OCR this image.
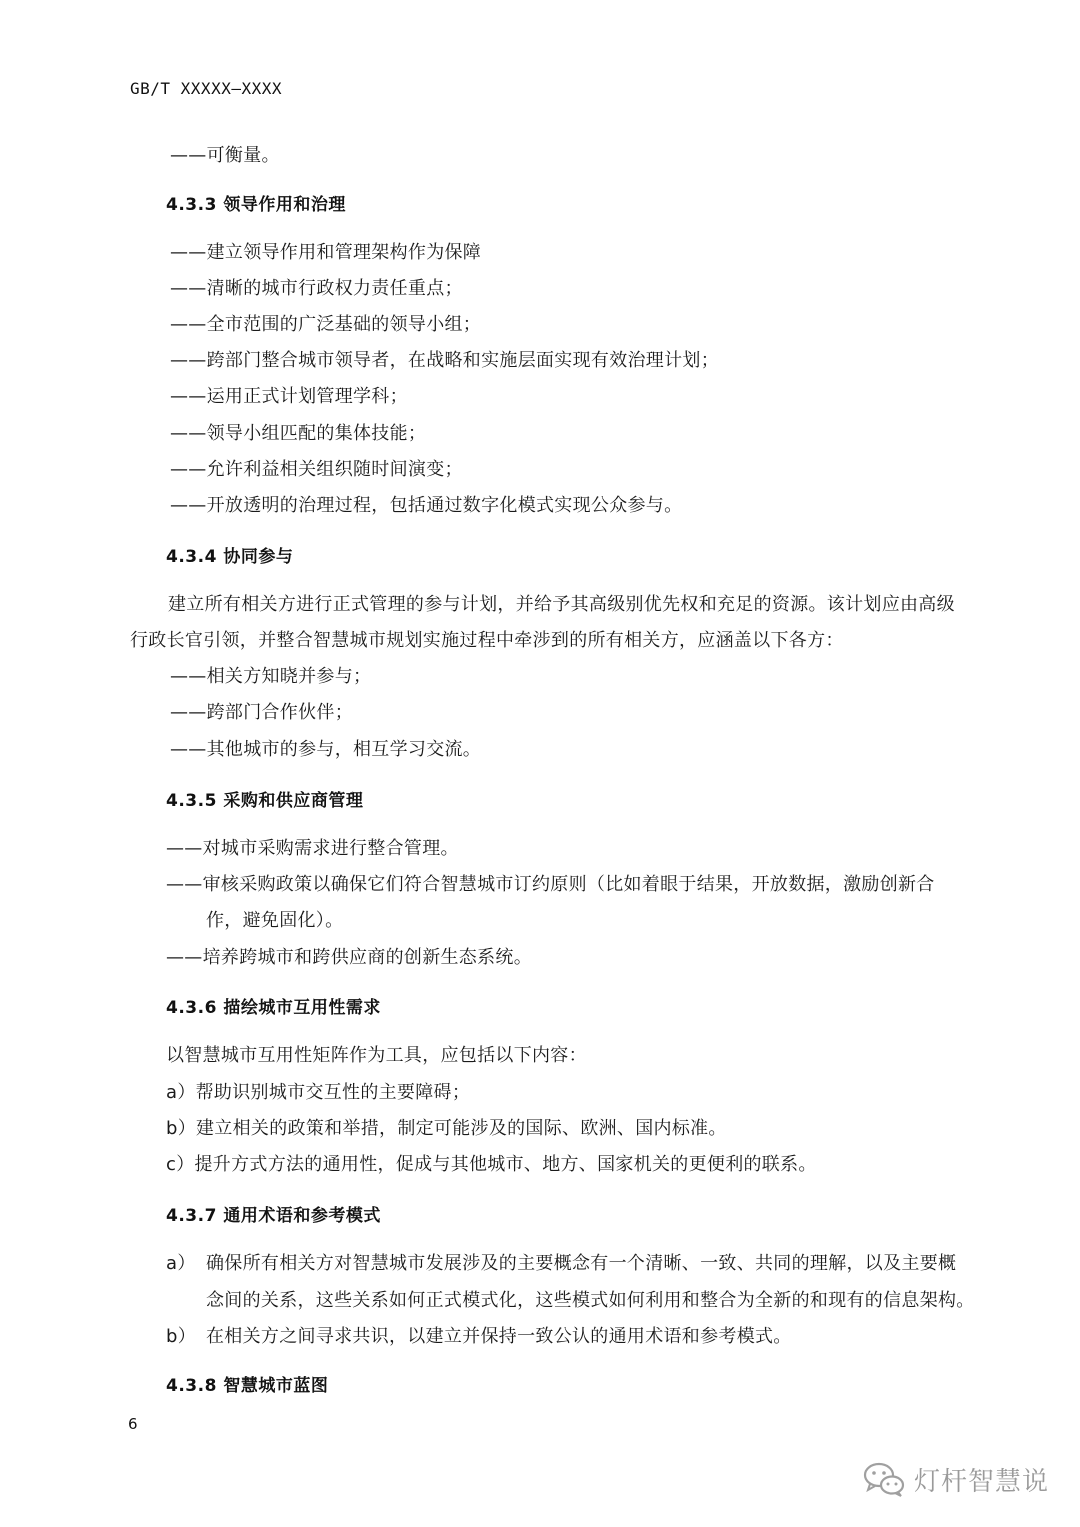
GB/T XXXXX—XXXX
——可衡量。
4.3.3 领导作用和治理
——建立领导作用和管理架构作为保障
——清晰的城市行政权力责任重点；
——全市范围的广泛基础的领导小组；
——跨部门整合城市领导者，在战略和实施层面实现有效治理计划；
——运用正式计划管理学科；
——领导小组匹配的集体技能；
——允许利益相关组织随时间演变；
——开放透明的治理过程，包括通过数字化模式实现公众参与。
4.3.4 协同参与
建立所有相关方进行正式管理的参与计划，并给予其高级别优先权和充足的资源。该计划应由高级
行政长官引领，并整合智慧城市规划实施过程中牵涉到的所有相关方，应涵盖以下各方：
——相关方知晓并参与；
——跨部门合作伙伴；
——其他城市的参与，相互学习交流。
4.3.5 采购和供应商管理
——对城市采购需求进行整合管理。
——审核采购政策以确保它们符合智慧城市订约原则（比如着眼于结果，开放数据，激励创新合
作，避免固化）。
——培养跨城市和跨供应商的创新生态系统。
4.3.6 描绘城市互用性需求
以智慧城市互用性矩阵作为工具，应包括以下内容：
a）帮助识别城市交互性的主要障碍；
b）建立相关的政策和举措，制定可能涉及的国际、欧洲、国内标准。
c）提升方式方法的通用性，促成与其他城市、地方、国家机关的更便利的联系。
4.3.7 通用术语和参考模式
a） 确保所有相关方对智慧城市发展涉及的主要概念有一个清晰、一致、共同的理解，以及主要概
念间的关系，这些关系如何正式模式化，这些模式如何利用和整合为全新的和现有的信息架构。
b） 在相关方之间寻求共识，以建立并保持一致公认的通用术语和参考模式。
4.3.8 智慧城市蓝图
6
灯杆智慧说
